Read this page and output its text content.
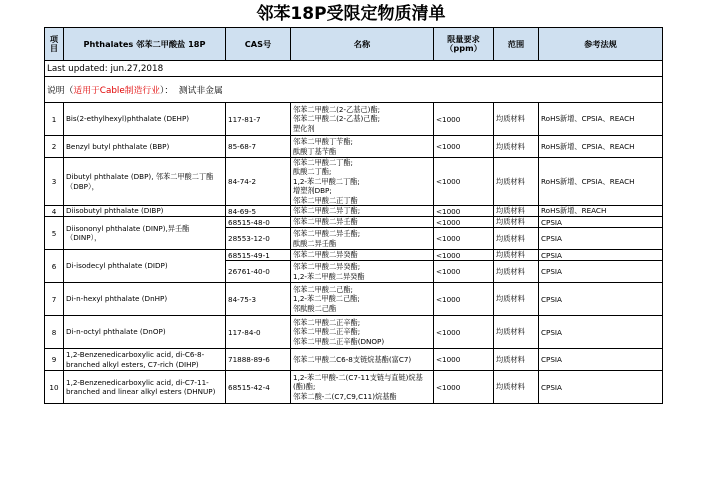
邻苯18P受限定物质清单
Last updated: jun.27,2018						
说明（适用于Cable制造行业）： 测试非金属						

项
目	Phthalates 邻苯二甲酸盐 18P	CAS号	名称	限量要求
（ppm）	范围	参考法规
1	Bis(2-ethylhexyl)phthalate (DEHP)	117-81-7	邻苯二甲酸二(2-乙基己)酯;
邻苯二甲酸二(2-乙基)己酯;
塑化剂	<1000	均质材料	RoHS新增、CPSIA、REACH
2	Benzyl butyl phthalate (BBP)	85-68-7	邻苯二甲酸丁苄酯;
酞酸丁基苄酯	<1000	均质材料	RoHS新增、CPSIA、REACH
3	Dibutyl phthalate (DBP), 邻苯二甲酸二丁酯
（DBP），	84-74-2	邻苯二甲酸二丁酯;
酞酸二丁酯;
1,2-苯二甲酸二丁酯;
增塑剂DBP;
邻苯二甲酸二正丁酯	<1000	均质材料	RoHS新增、CPSIA、REACH
4	Diisobutyl phthalate (DIBP)	84-69-5	邻苯二甲酸二异丁酯;	<1000	均质材料	RoHS新增、REACH
5	Diisononyl phthalate (DINP),异壬酯
（DINP），	68515-48-0	邻苯二甲酸二异壬酯	<1000	均质材料	CPSIA
		28553-12-0	邻苯二甲酸二异壬酯;
酞酸二异壬酯	<1000	均质材料	CPSIA
6	Di-isodecyl phthalate (DIDP)	68515-49-1	邻苯二甲酸二异癸酯	<1000	均质材料	CPSIA
		26761-40-0	邻苯二甲酸二异癸酯;
1,2-苯二甲酸二异癸酯	<1000	均质材料	CPSIA
7	Di-n-hexyl phthalate (DnHP)	84-75-3	邻苯二甲酸二己酯;
1,2-苯二甲酸二己酯;
邻酞酸二己酯	<1000	均质材料	CPSIA
8	Di-n-octyl phthalate (DnOP)	117-84-0	邻苯二甲酸二正辛酯;
邻苯二甲酸二正辛酯;
邻苯二甲酸二正辛酯(DNOP)	<1000	均质材料	CPSIA
9	1,2-Benzenedicarboxylic acid, di-C6-8-
branched alkyl esters, C7-rich (DIHP)	71888-89-6	邻苯二甲酸二C6-8支链烷基酯(富C7)	<1000	均质材料	CPSIA
10	1,2-Benzenedicarboxylic acid, di-C7-11-
branched and linear alkyl esters (DHNUP)	68515-42-4	1,2-苯二甲酸-二(C7-11支链与直链)烷基
(酯)酯;
邻苯二酸-二(C7,C9,C11)烷基酯	<1000	均质材料	CPSIA
